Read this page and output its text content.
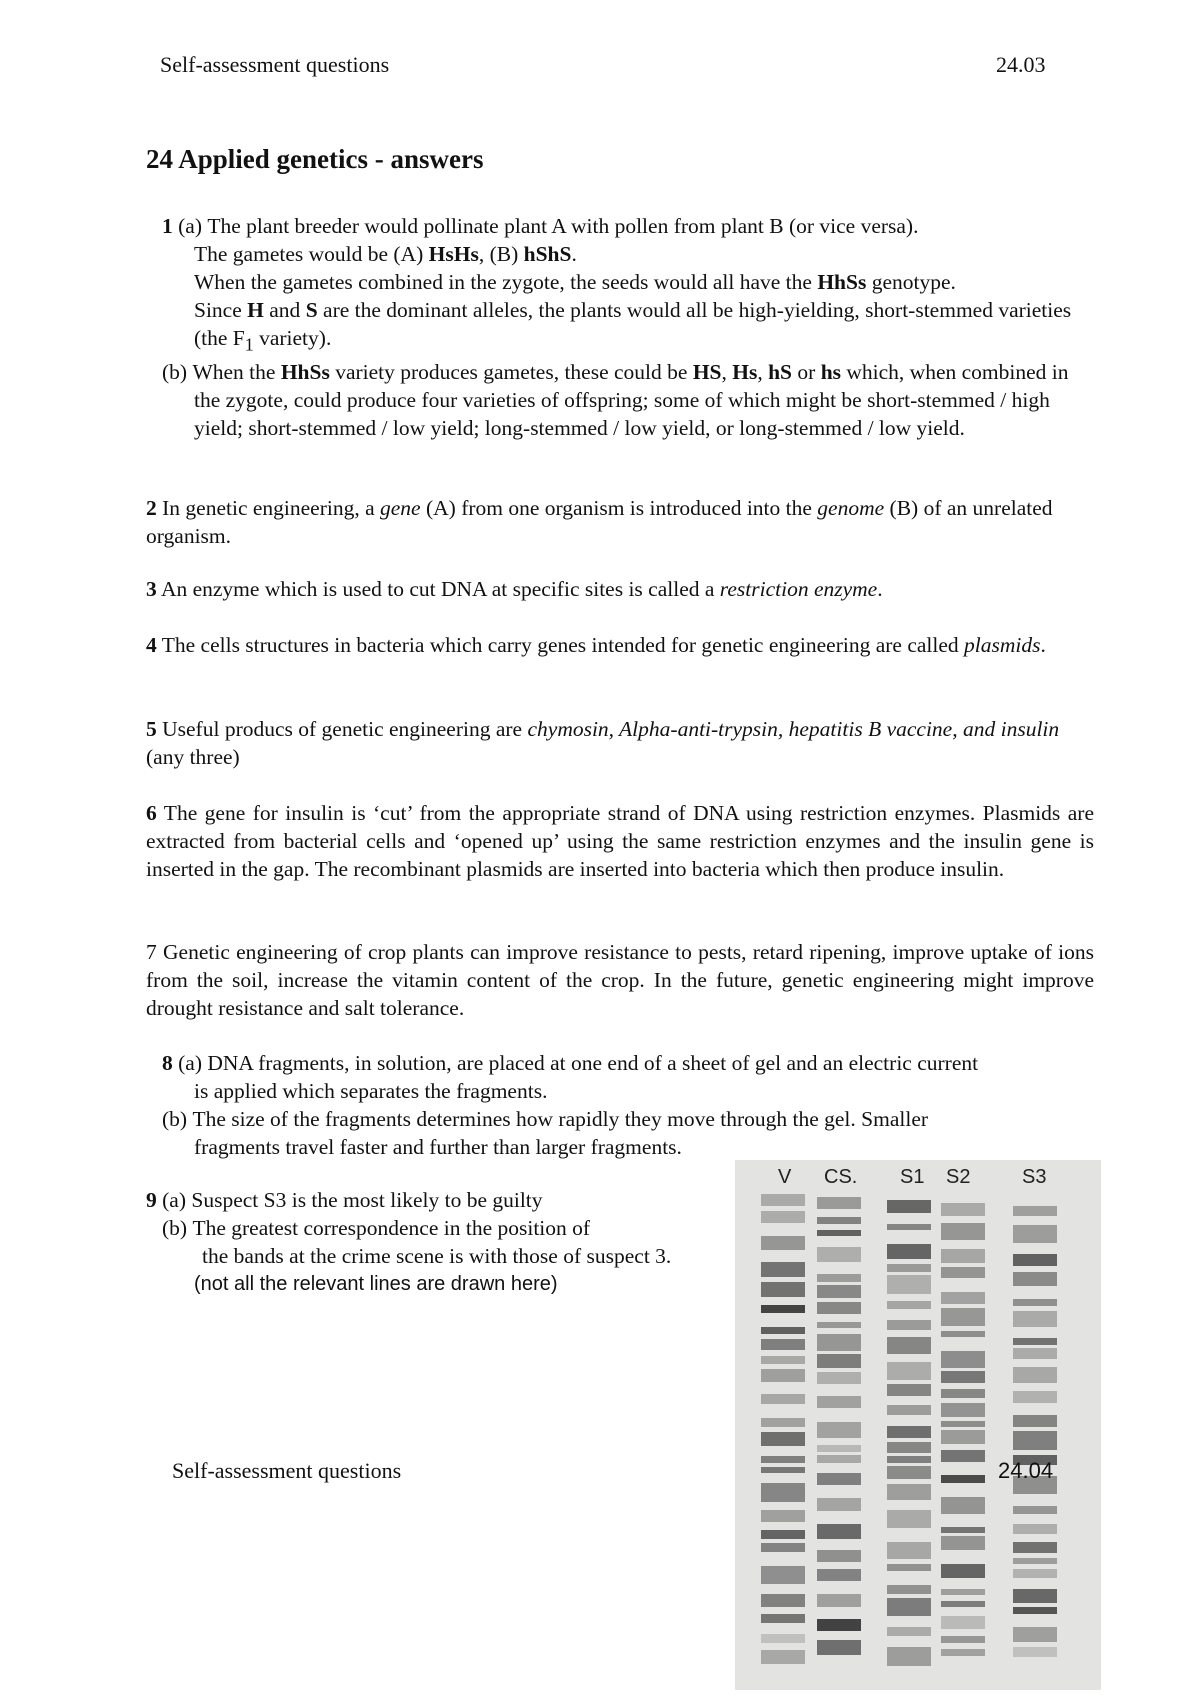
Self-assessment questions	24.03
24 Applied genetics - answers
1 (a) The plant breeder would pollinate plant A with pollen from plant B (or vice versa).
The gametes would be (A) HsHs, (B) hShS.
When the gametes combined in the zygote, the seeds would all have the HhSs genotype.
Since H and S are the dominant alleles, the plants would all be high-yielding, short-stemmed varieties (the $F_1$ variety).
(b) When the HhSs variety produces gametes, these could be HS, Hs, hS or hs which, when combined in the zygote, could produce four varieties of offspring; some of which might be short-stemmed / high yield; short-stemmed / low yield; long-stemmed / low yield, or long-stemmed / low yield.
2 In genetic engineering, a gene (A) from one organism is introduced into the genome (B) of an unrelated organism.
3 An enzyme which is used to cut DNA at specific sites is called a restriction enzyme.
4 The cells structures in bacteria which carry genes intended for genetic engineering are called plasmids.
5 Useful producs of genetic engineering are chymosin, Alpha-anti-trypsin, hepatitis B vaccine, and insulin (any three)
6 The gene for insulin is ‘cut’ from the appropriate strand of DNA using restriction enzymes. Plasmids are extracted from bacterial cells and ‘opened up’ using the same restriction enzymes and the insulin gene is inserted in the gap. The recombinant plasmids are inserted into bacteria which then produce insulin.
7 Genetic engineering of crop plants can improve resistance to pests, retard ripening, improve uptake of ions from the soil, increase the vitamin content of the crop. In the future, genetic engineering might improve drought resistance and salt tolerance.
8 (a) DNA fragments, in solution, are placed at one end of a sheet of gel and an electric current
is applied which separates the fragments.
(b) The size of the fragments determines how rapidly they move through the gel. Smaller
fragments travel faster and further than larger fragments.
V CS. S1 S2	S3
9 (a) Suspect S3 is the most likely to be guilty
(b) The greatest correspondence in the position of
the bands at the crime scene is with those of suspect 3.
(not all the relevant lines are drawn here)
Self-assessment questions	24.04
